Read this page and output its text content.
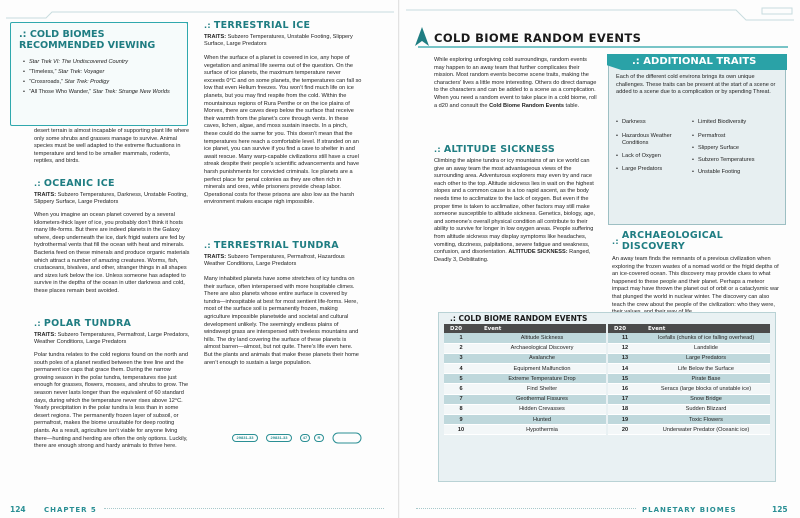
.: COLD BIOMES
RECOMMENDED VIEWING
• Star Trek VI: The Undiscovered Country
• “Timeless,” Star Trek: Voyager
• “Crossroads,” Star Trek: Prodigy
• “All Those Who Wander,” Star Trek: Strange New Worlds
desert terrain is almost incapable of supporting plant life where only some shrubs and grasses manage to survive. Animal species must be well adapted to the extreme fluctuations in temperature and tend to be smaller mammals, rodents, reptiles, and birds.
.: OCEANIC ICE
TRAITS: Subzero Temperatures, Darkness, Unstable Footing, Slippery Surface, Large Predators
When you imagine an ocean planet covered by a several kilometers-thick layer of ice, you probably don’t think it hosts many life-forms. But there are indeed planets in the Galaxy where, deep underneath the ice, dark frigid waters are fed by hydrothermal vents that fill the ocean with heat and minerals. Bacteria feed on these minerals and produce organic materials which attract a number of amazing creatures. Worms, fish, crustaceans, bivalves, and other, stranger things in all shapes and sizes lurk below the ice. Unless someone has adapted to survive in the depths of the ocean in utter darkness and cold, these places remain best avoided.
.: POLAR TUNDRA
TRAITS: Subzero Temperatures, Permafrost, Large Predators, Weather Conditions, Large Predators
Polar tundra relates to the cold regions found on the north and south poles of a planet nestled between the tree line and the permanent ice caps that grace them. During the narrow growing season in the polar tundra, temperatures rise just enough for grasses, flowers, mosses, and shrubs to grow. The season never lasts longer than the equivalent of 60 standard days, during which the temperature never rises above 12°C. Yearly precipitation in the polar tundra is less than in some desert regions. The permanently frozen layer of subsoil, or permafrost, makes the biome unsuitable for deep rooting plants. As a result, agriculture isn’t viable for anyone living there—hunting and herding are often the only options. Luckily, there are enough strong and hardy animals to thrive here.
.: TERRESTRIAL ICE
TRAITS: Subzero Temperatures, Unstable Footing, Slippery Surface, Large Predators
When the surface of a planet is covered in ice, any hope of vegetation and animal life seems out of the question. On the surface of ice planets, the maximum temperature never exceeds 0°C and on some planets, the temperatures can fall so low that even Helium freezes. You won’t find much life on ice planets, but you may find respite from the cold. Within the mountainous regions of Rura Penthe or on the ice plains of Morvex, there are caves deep below the surface that receive their warmth from the planet’s core through vents. In these caves, lichen, algae, and moss sustain insects. In a pinch, these could do the same for you. This doesn’t mean that the temperatures here reach a comfortable level. If stranded on an ice planet, you can survive if you find a cave to shelter in and await rescue. Many warp-capable civilizations still have a cruel streak despite their people’s scientific advancements and have harsh punishments for convicted criminals. Ice planets are a perfect place for penal colonies as they are often rich in minerals and ores, while prisoners provide cheap labor. Operational costs for these prisons are also low as the harsh environment makes escape nigh impossible.
.: TERRESTRIAL TUNDRA
TRAITS: Subzero Temperatures, Permafrost, Hazardous Weather Conditions, Large Predators
Many inhabited planets have some stretches of icy tundra on their surface, often interspersed with more hospitable climes. There are also planets whose entire surface is covered by tundra—inhospitable at best for most sentient life-forms. Here, most of the surface soil is permanently frozen, making agriculture impossible planetwide and societal and cultural development unlikely. The seemingly endless plains of windswept grass are interspersed with treeless mountains and hills. The dry land covering the surface of these planets is almost barren—almost, but not quite. There’s life even here. But the plants and animals that make these planets their home aren’t enough to sustain a large population.
29831-33	29831-33	47	R
124	CHAPTER 5
COLD BIOME RANDOM EVENTS
While exploring unforgiving cold surroundings, random events may happen to an away team that further complicates their mission. Most random events become scene traits, making the characters’ lives a little more interesting. Others do direct damage to the characters and can be added to a scene as a complication. When you need a random event to take place in a cold biome, roll a d20 and consult the Cold Biome Random Events table.
.: ALTITUDE SICKNESS
Climbing the alpine tundra or icy mountains of an ice world can give an away team the most advantageous views of the surrounding area. Adventurous explorers may even try and race each other to the top. Altitude sickness lies in wait on the highest slopes and a common cause is a too rapid ascent, as the body needs time to acclimatize to the lack of oxygen. But even if the proper time is taken to acclimatize, other factors may still make someone susceptible to altitude sickness. Genetics, biology, age, and someone’s overall physical condition all contribute to their ability to survive for longer in low oxygen areas. People suffering from altitude sickness may display symptoms like headaches, vomiting, dizziness, palpitations, severe fatigue and weakness, confusion, and disorientation. ALTITUDE SICKNESS: Ranged, Deadly 3, Debilitating.
.: ADDITIONAL TRAITS
Each of the different cold environs brings its own unique challenges. These traits can be present at the start of a scene or added to a scene due to a complication or by spending Threat.
• Darkness
• Hazardous Weather Conditions
• Lack of Oxygen
• Large Predators
• Limited Biodiversity
• Permafrost
• Slippery Surface
• Subzero Temperatures
• Unstable Footing
.: ARCHAEOLOGICAL DISCOVERY
An away team finds the remnants of a previous civilization when exploring the frozen wastes of a nomad world or the frigid depths of an ice-covered ocean. This discovery may provide clues to what happened to these people and their planet. Perhaps a meteor impact may have thrown the planet out of orbit or a cataclysmic war that plunged the world in nuclear winter. The discovery can also teach the crew about the people of the civilization: who they were,
.: COLD BIOME RANDOM EVENTS
D20	Event
1	Altitude Sickness
2	Archaeological Discovery
3	Avalanche
4	Equipment Malfunction
5	Extreme Temperature Drop
6	Find Shelter
7	Geothermal Fissures
8	Hidden Crevasses
9	Hunted
10	Hypothermia
D20	Event
11	Icefalls (chunks of ice falling overhead)
12	Landslide
13	Large Predators
14	Life Below the Surface
15	Pirate Base
16	Seracs (large blocks of unstable ice)
17	Snow Bridge
18	Sudden Blizzard
19	Toxic Flowers
20	Underwater Predator (Oceanic ice)
PLANETARY BIOMES	125
